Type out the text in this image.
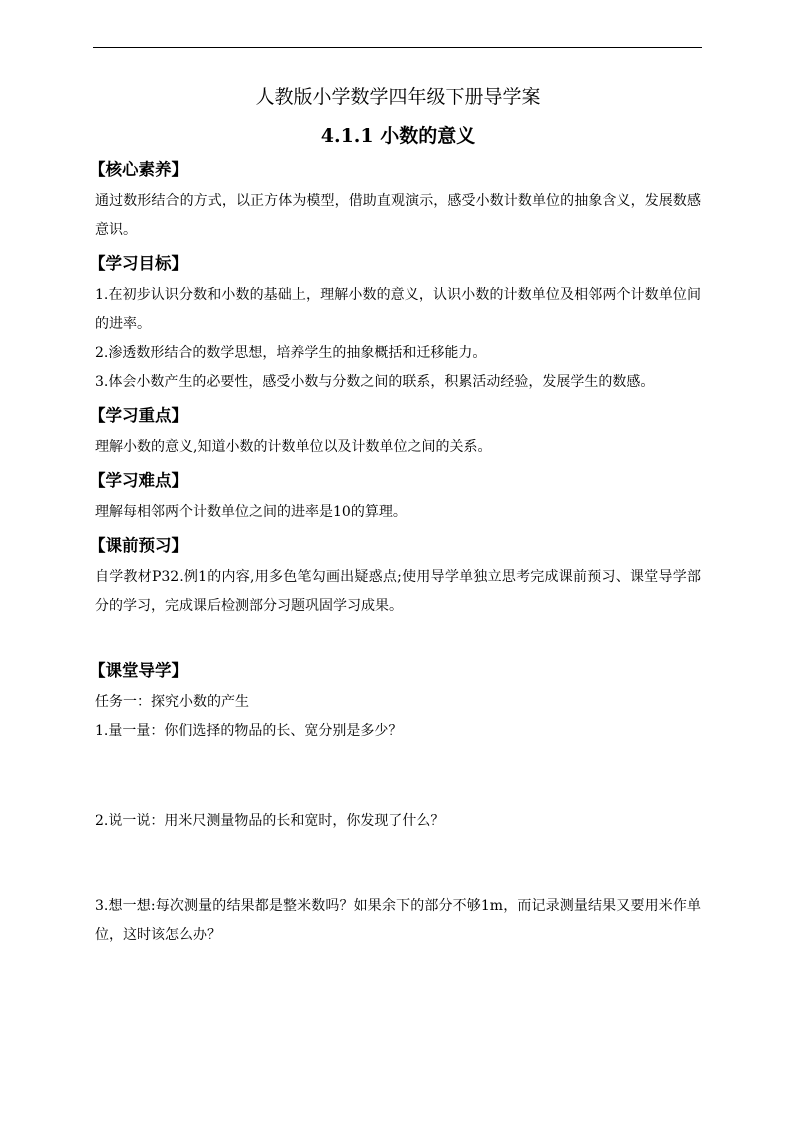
人教版小学数学四年级下册导学案

4.1.1 小数的意义

【核心素养】

通过数形结合的方式，以正方体为模型，借助直观演示，感受小数计数单位的抽象含义，发展数感意识。

【学习目标】

1.在初步认识分数和小数的基础上，理解小数的意义，认识小数的计数单位及相邻两个计数单位间的进率。

2.渗透数形结合的数学思想，培养学生的抽象概括和迁移能力。

3.体会小数产生的必要性，感受小数与分数之间的联系，积累活动经验，发展学生的数感。

【学习重点】

理解小数的意义,知道小数的计数单位以及计数单位之间的关系。

【学习难点】

理解每相邻两个计数单位之间的进率是10的算理。

【课前预习】

自学教材P32.例1的内容,用多色笔勾画出疑惑点;使用导学单独立思考完成课前预习、课堂导学部分的学习，完成课后检测部分习题巩固学习成果。

【课堂导学】

任务一：探究小数的产生

1.量一量：你们选择的物品的长、宽分别是多少？

2.说一说：用米尺测量物品的长和宽时，你发现了什么？

3.想一想:每次测量的结果都是整米数吗？如果余下的部分不够1m，而记录测量结果又要用米作单位，这时该怎么办？
